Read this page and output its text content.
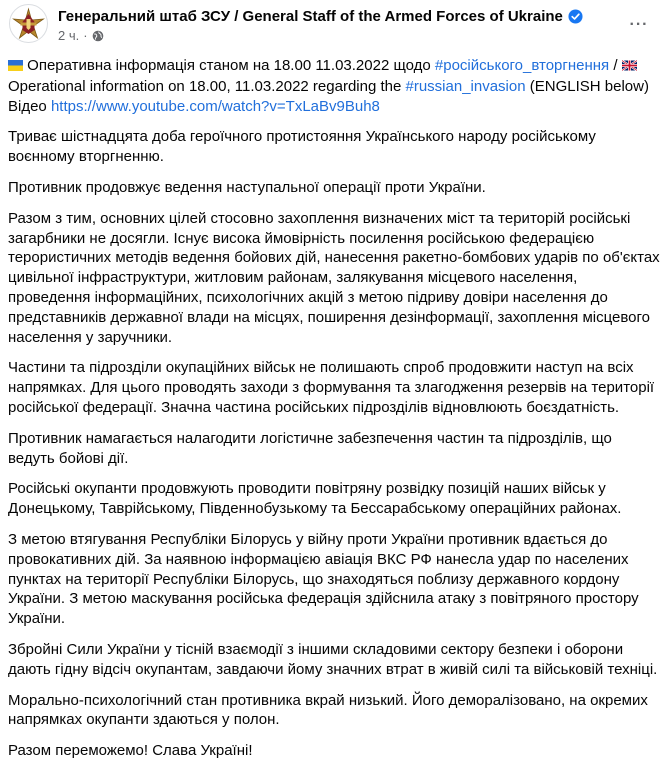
Генеральний штаб ЗСУ / General Staff of the Armed Forces of Ukraine
2 ч. ·
···

Оперативна інформація станом на 18.00 11.03.2022 щодо #російського_вторгнення /
Operational information on 18.00, 11.03.2022 regarding the #russian_invasion (ENGLISH below)
Відео https://www.youtube.com/watch?v=TxLaBv9Buh8

Триває шістнадцята доба героїчного протистояння Українського народу російському воєнному вторгненню.

Противник продовжує ведення наступальної операції проти України.

Разом з тим, основних цілей стосовно захоплення визначених міст та територій російські загарбники не досягли. Існує висока ймовірність посилення російською федерацією терористичних методів ведення бойових дій, нанесення ракетно-бомбових ударів по об'єктах цивільної інфраструктури, житловим районам, залякування місцевого населення, проведення інформаційних, психологічних акцій з метою підриву довіри населення до представників державної влади на місцях, поширення дезінформації, захоплення місцевого населення у заручники.

Частини та підрозділи окупаційних військ не полишають спроб продовжити наступ на всіх напрямках. Для цього проводять заходи з формування та злагодження резервів на території російської федерації. Значна частина російських підрозділів відновлюють боєздатність.

Противник намагається налагодити логістичне забезпечення частин та підрозділів, що ведуть бойові дії.

Російські окупанти продовжують проводити повітряну розвідку позицій наших військ у Донецькому, Таврійському, Південнобузькому та Бессарабському операційних районах.

З метою втягування Республіки Білорусь у війну проти України противник вдається до провокативних дій. За наявною інформацією авіація ВКС РФ нанесла удар по населених пунктах на території Республіки Білорусь, що знаходяться поблизу державного кордону України. З метою маскування російська федерація здійснила атаку з повітряного простору України.

Збройні Сили України у тісній взаємодії з іншими складовими сектору безпеки і оборони дають гідну відсіч окупантам, завдаючи йому значних втрат в живій силі та військовій техніці.

Морально-психологічний стан противника вкрай низький. Його деморалізовано, на окремих напрямках окупанти здаються у полон.

Разом переможемо! Слава Україні!
